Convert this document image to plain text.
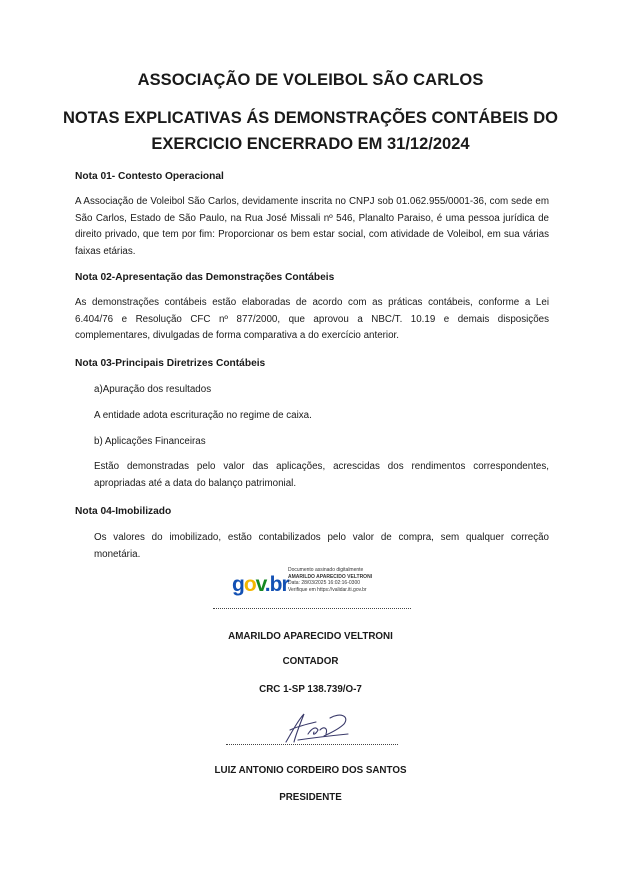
ASSOCIAÇÃO DE VOLEIBOL SÃO CARLOS
NOTAS EXPLICATIVAS ÁS DEMONSTRAÇÕES CONTÁBEIS DO
EXERCICIO ENCERRADO EM 31/12/2024
Nota 01- Contesto Operacional
A Associação de Voleibol São Carlos, devidamente inscrita no CNPJ sob 01.062.955/0001-36, com sede em São Carlos, Estado de São Paulo, na Rua José Missali nº 546, Planalto Paraiso, é uma pessoa jurídica de direito privado, que tem por fim: Proporcionar os bem estar social, com atividade de Voleibol, em sua várias faixas etárias.
Nota 02-Apresentação das Demonstrações Contábeis
As demonstrações contábeis estão elaboradas de acordo com as práticas contábeis, conforme a Lei 6.404/76 e Resolução CFC nº 877/2000, que aprovou a NBC/T. 10.19 e demais disposições complementares, divulgadas de forma comparativa a do exercício anterior.
Nota 03-Principais Diretrizes Contábeis
a)Apuração dos resultados
A entidade adota escrituração no regime de caixa.
b) Aplicações Financeiras
Estão demonstradas pelo valor das aplicações, acrescidas dos rendimentos correspondentes, apropriadas até a data do balanço patrimonial.
Nota 04-Imobilizado
Os valores do imobilizado, estão contabilizados pelo valor de compra, sem qualquer correção monetária.
gov.br
Documento assinado digitalmente
AMARILDO APARECIDO VELTRONI
Data: 28/03/2025 16:02:16-0300
Verifique em https://validar.iti.gov.br
AMARILDO APARECIDO VELTRONI
CONTADOR
CRC 1-SP 138.739/O-7
LUIZ ANTONIO CORDEIRO DOS SANTOS
PRESIDENTE
